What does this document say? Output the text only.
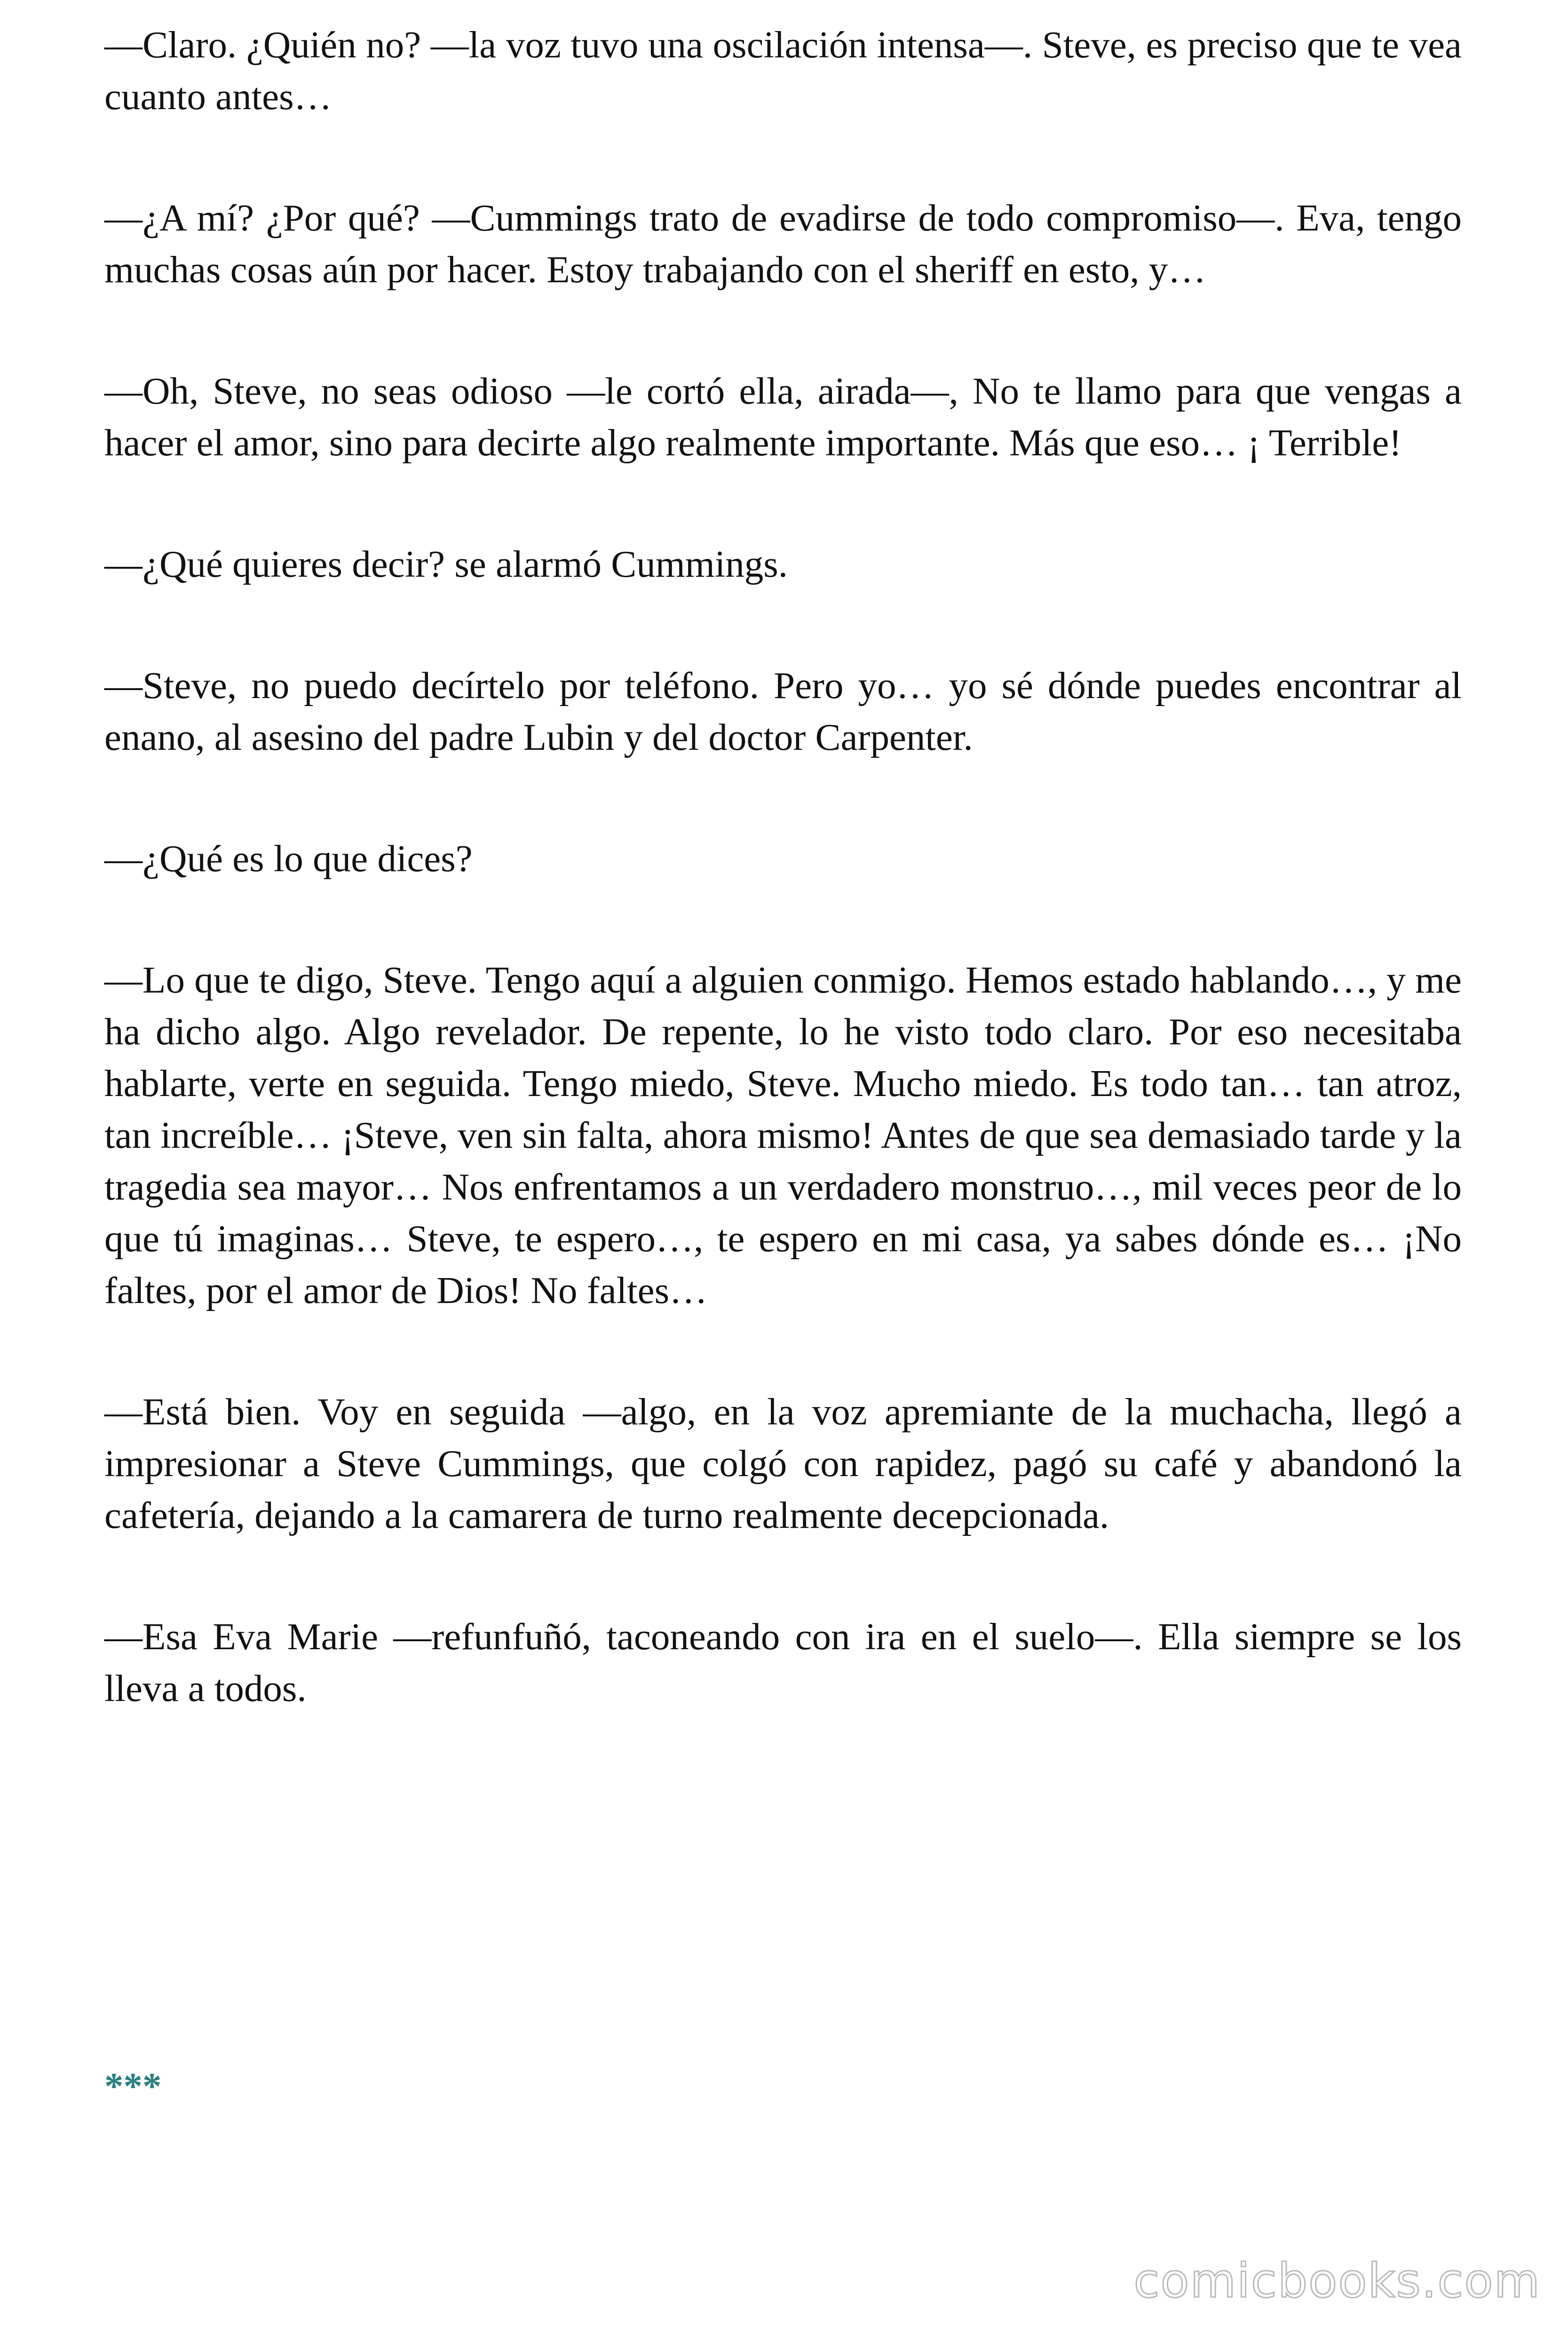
—Claro. ¿Quién no? —la voz tuvo una oscilación intensa—. Steve, es preciso que te vea cuanto antes…

—¿A mí? ¿Por qué? —Cummings trato de evadirse de todo compromiso—. Eva, tengo muchas cosas aún por hacer. Estoy trabajando con el sheriff en esto, y…

—Oh, Steve, no seas odioso —le cortó ella, airada—, No te llamo para que vengas a hacer el amor, sino para decirte algo realmente importante. Más que eso… ¡ Terrible!

—¿Qué quieres decir? se alarmó Cummings.

—Steve, no puedo decírtelo por teléfono. Pero yo… yo sé dónde puedes encontrar al enano, al asesino del padre Lubin y del doctor Carpenter.

—¿Qué es lo que dices?

—Lo que te digo, Steve. Tengo aquí a alguien conmigo. Hemos estado hablando…, y me ha dicho algo. Algo revelador. De repente, lo he visto todo claro. Por eso necesitaba hablarte, verte en seguida. Tengo miedo, Steve. Mucho miedo. Es todo tan… tan atroz, tan increíble… ¡Steve, ven sin falta, ahora mismo! Antes de que sea demasiado tarde y la tragedia sea mayor… Nos enfrentamos a un verdadero monstruo…, mil veces peor de lo que tú imaginas… Steve, te espero…, te espero en mi casa, ya sabes dónde es… ¡No faltes, por el amor de Dios! No faltes…

—Está bien. Voy en seguida —algo, en la voz apremiante de la muchacha, llegó a impresionar a Steve Cummings, que colgó con rapidez, pagó su café y abandonó la cafetería, dejando a la camarera de turno realmente decepcionada.

—Esa Eva Marie —refunfuñó, taconeando con ira en el suelo—. Ella siempre se los lleva a todos.

***

comicbooks.com
